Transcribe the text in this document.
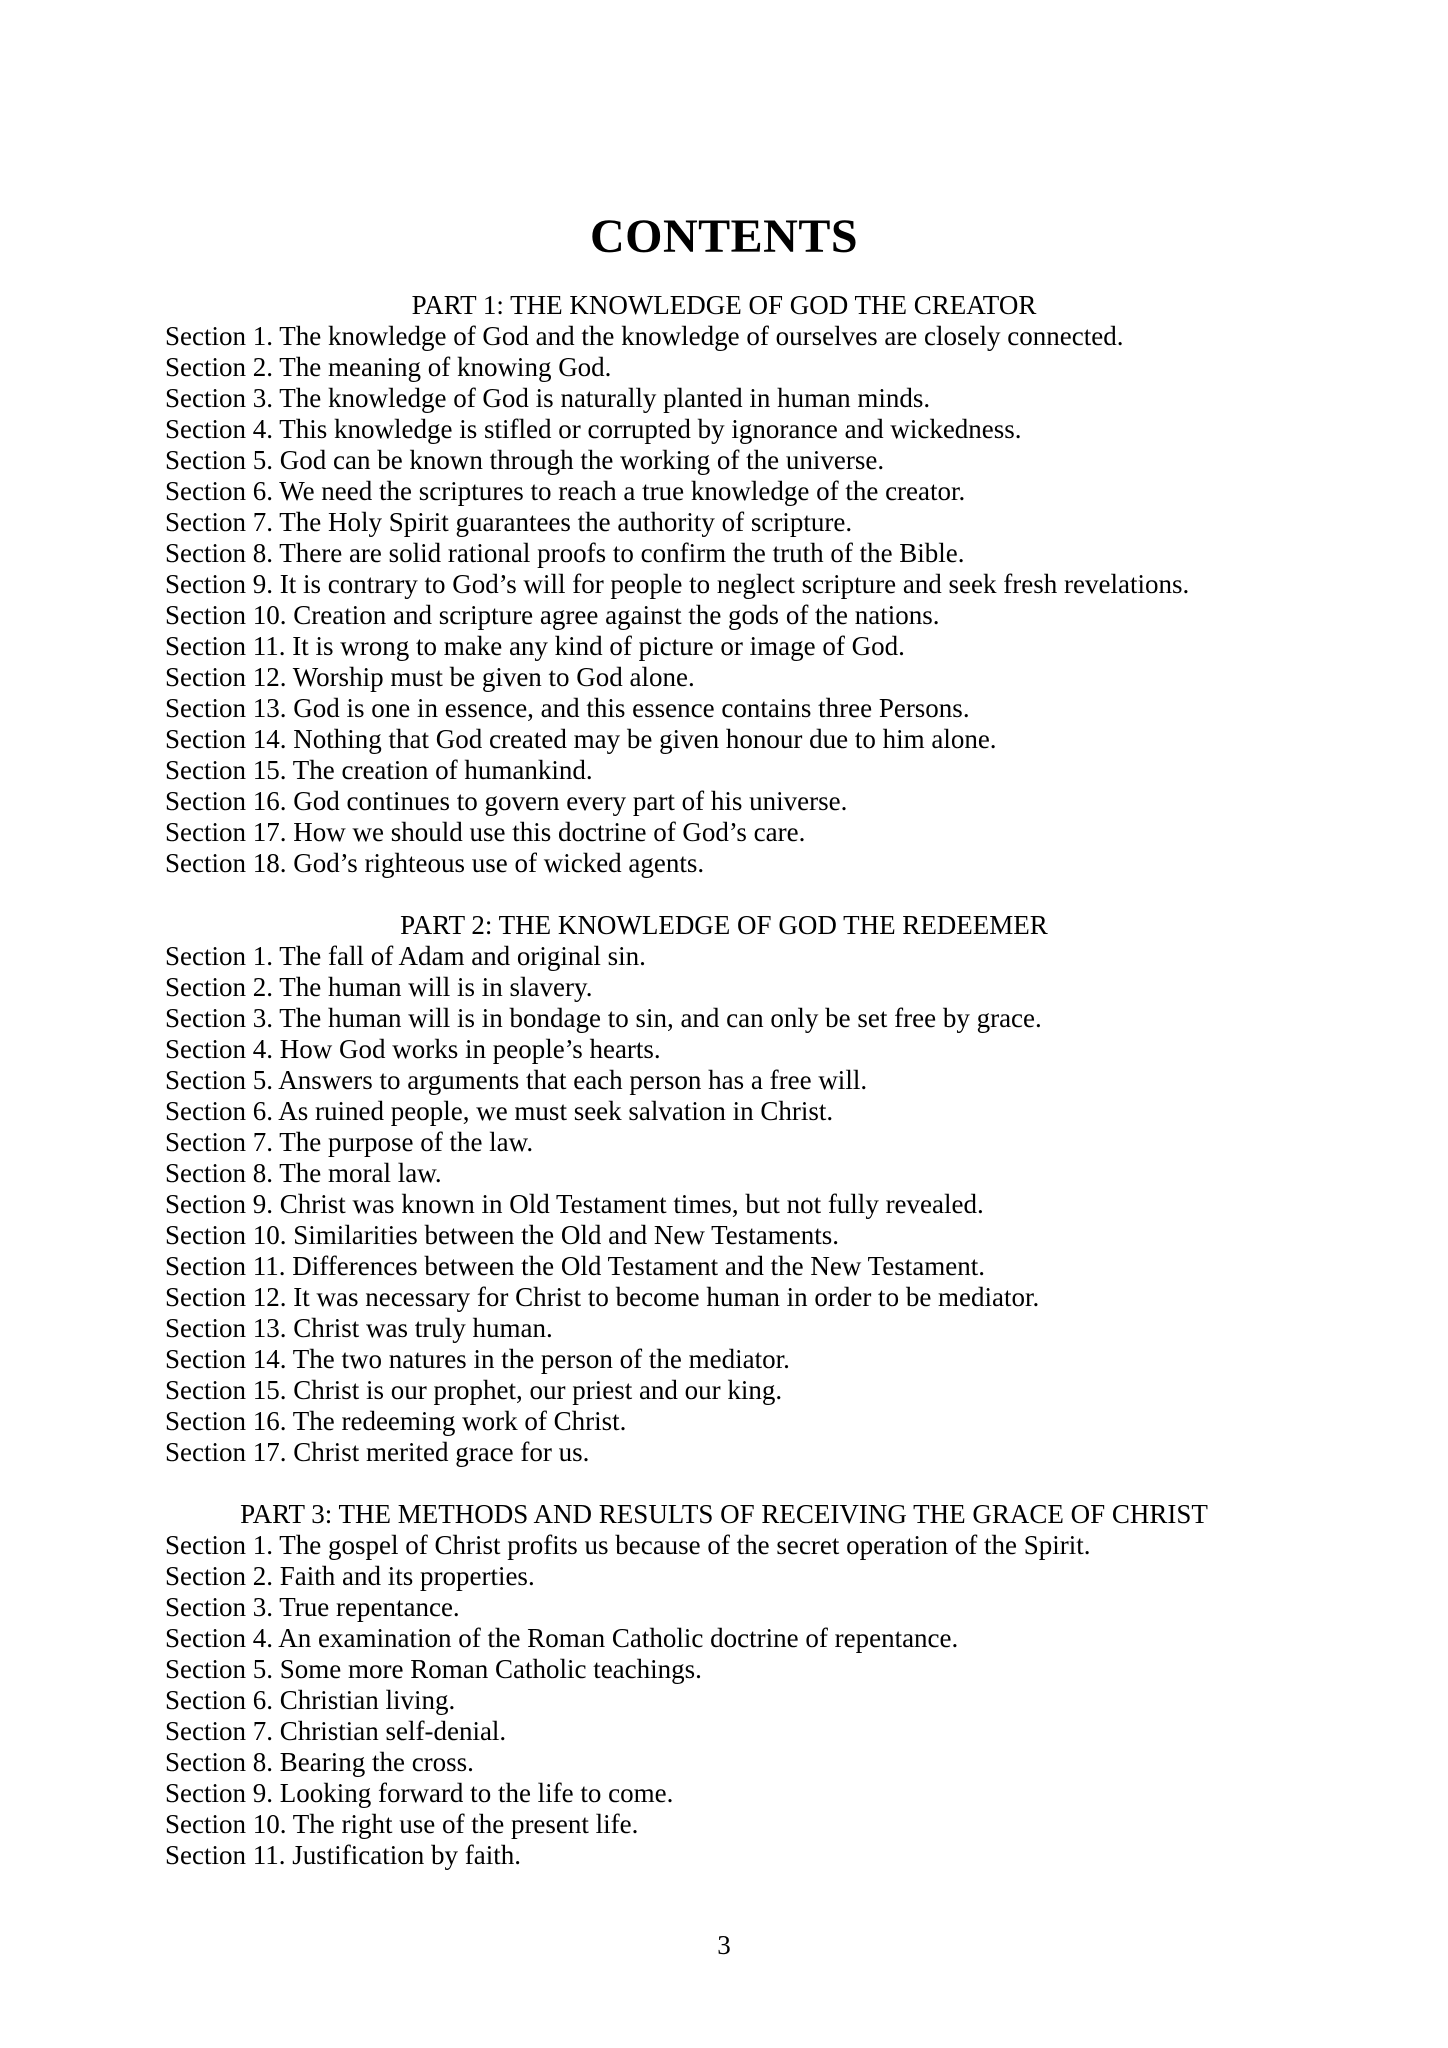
CONTENTS
PART 1: THE KNOWLEDGE OF GOD THE CREATOR

Section 1. The knowledge of God and the knowledge of ourselves are closely connected.

Section 2. The meaning of knowing God.

Section 3. The knowledge of God is naturally planted in human minds.

Section 4. This knowledge is stifled or corrupted by ignorance and wickedness.

Section 5. God can be known through the working of the universe.

Section 6. We need the scriptures to reach a true knowledge of the creator.

Section 7. The Holy Spirit guarantees the authority of scripture.

Section 8. There are solid rational proofs to confirm the truth of the Bible.

Section 9. It is contrary to God’s will for people to neglect scripture and seek fresh revelations.

Section 10. Creation and scripture agree against the gods of the nations.

Section 11. It is wrong to make any kind of picture or image of God.

Section 12. Worship must be given to God alone.

Section 13. God is one in essence, and this essence contains three Persons.

Section 14. Nothing that God created may be given honour due to him alone.

Section 15. The creation of humankind.

Section 16. God continues to govern every part of his universe.

Section 17. How we should use this doctrine of God’s care.

Section 18. God’s righteous use of wicked agents.

PART 2: THE KNOWLEDGE OF GOD THE REDEEMER

Section 1. The fall of Adam and original sin.

Section 2. The human will is in slavery.

Section 3. The human will is in bondage to sin, and can only be set free by grace.

Section 4. How God works in people’s hearts.

Section 5. Answers to arguments that each person has a free will.

Section 6. As ruined people, we must seek salvation in Christ.

Section 7. The purpose of the law.

Section 8. The moral law.

Section 9. Christ was known in Old Testament times, but not fully revealed.

Section 10. Similarities between the Old and New Testaments.

Section 11. Differences between the Old Testament and the New Testament.

Section 12. It was necessary for Christ to become human in order to be mediator.

Section 13. Christ was truly human.

Section 14. The two natures in the person of the mediator.

Section 15. Christ is our prophet, our priest and our king.

Section 16. The redeeming work of Christ.

Section 17. Christ merited grace for us.

PART 3: THE METHODS AND RESULTS OF RECEIVING THE GRACE OF CHRIST

Section 1. The gospel of Christ profits us because of the secret operation of the Spirit.

Section 2. Faith and its properties.

Section 3. True repentance.

Section 4. An examination of the Roman Catholic doctrine of repentance.

Section 5. Some more Roman Catholic teachings.

Section 6. Christian living.

Section 7. Christian self-denial.

Section 8. Bearing the cross.

Section 9. Looking forward to the life to come.

Section 10. The right use of the present life.

Section 11. Justification by faith.

3
